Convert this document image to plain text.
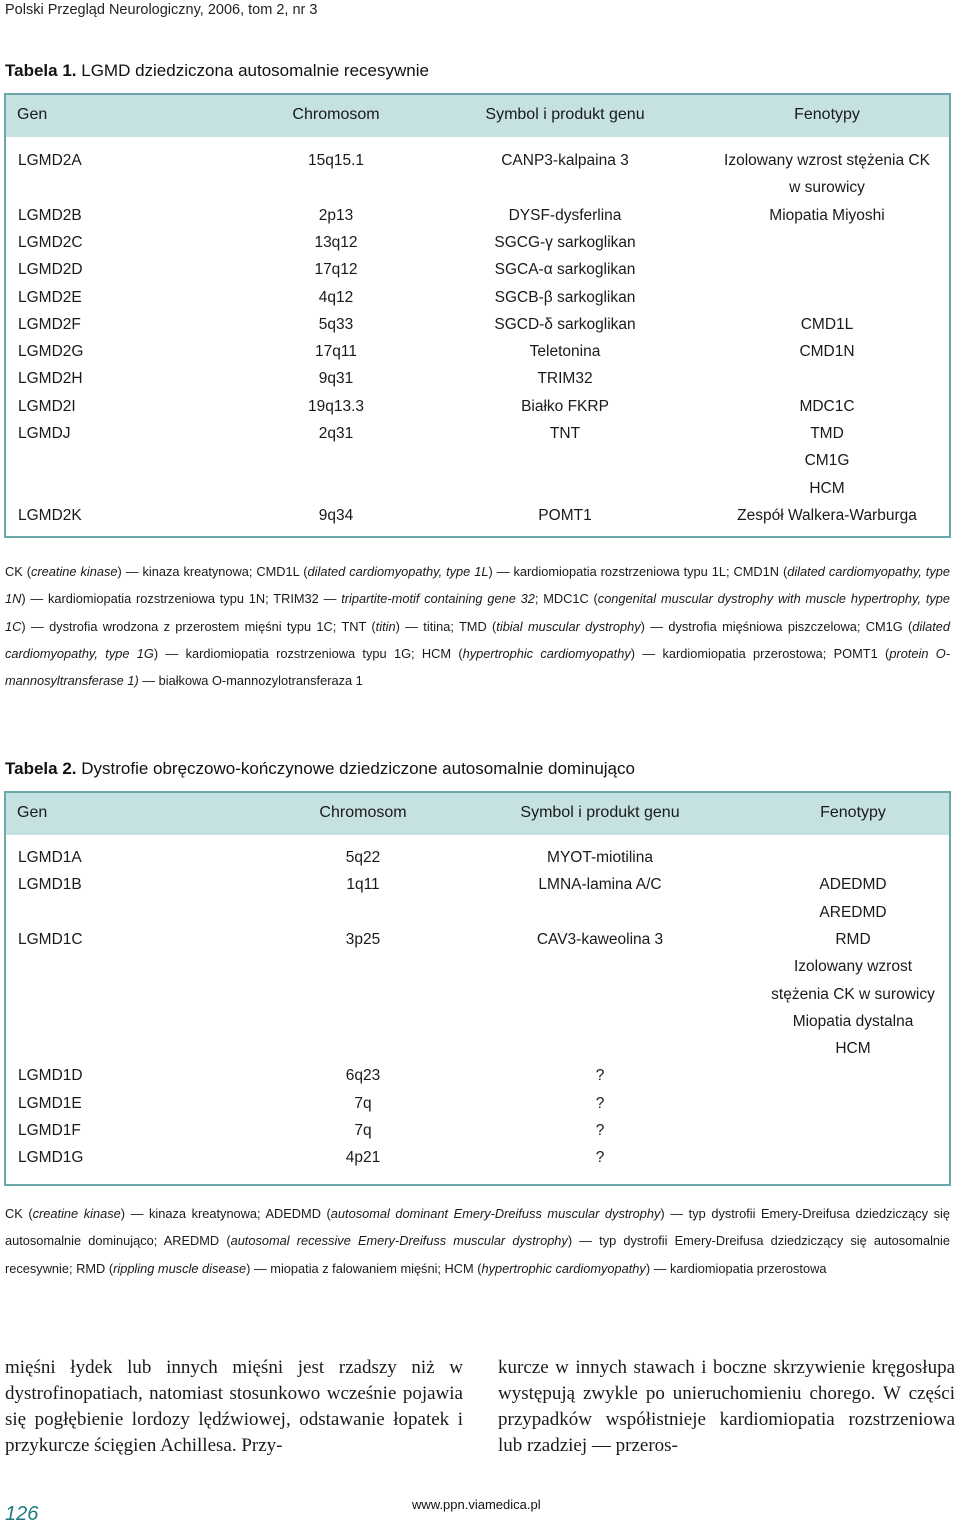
Polski Przegląd Neurologiczny, 2006, tom 2, nr 3
Tabela 1. LGMD dziedziczona autosomalnie recesywnie
Gen	Chromosom	Symbol i produkt genu	Fenotypy
LGMD2A	15q15.1	CANP3-kalpaina 3	Izolowany wzrost stężenia CK
w surowicy
LGMD2B	2p13	DYSF-dysferlina	Miopatia Miyoshi
LGMD2C	13q12	SGCG-γ sarkoglikan
LGMD2D	17q12	SGCA-α sarkoglikan
LGMD2E	4q12	SGCB-β sarkoglikan
LGMD2F	5q33	SGCD-δ sarkoglikan	CMD1L
LGMD2G	17q11	Teletonina	CMD1N
LGMD2H	9q31	TRIM32
LGMD2I	19q13.3	Białko FKRP	MDC1C
LGMDJ	2q31	TNT	TMD
CM1G
HCM
LGMD2K	9q34	POMT1	Zespół Walkera-Warburga
CK (creatine kinase) — kinaza kreatynowa; CMD1L (dilated cardiomyopathy, type 1L) — kardiomiopatia rozstrzeniowa typu 1L; CMD1N (dilated cardiomyopathy, type 1N) — kardiomiopatia rozstrzeniowa typu 1N; TRIM32 — tripartite-motif containing gene 32; MDC1C (congenital muscular dystrophy with muscle hypertrophy, type 1C) — dystrofia wrodzona z przerostem mięśni typu 1C; TNT (titin) — titina; TMD (tibial muscular dystrophy) — dystrofia mięśniowa piszczelowa; CM1G (dilated cardiomyopathy, type 1G) — kardiomiopatia rozstrzeniowa typu 1G; HCM (hypertrophic cardiomyopathy) — kardiomiopatia przerostowa; POMT1 (protein O-mannosyltransferase 1) — białkowa O-mannozylotransferaza 1
Tabela 2. Dystrofie obręczowo-kończynowe dziedziczone autosomalnie dominująco
Gen	Chromosom	Symbol i produkt genu	Fenotypy
LGMD1A	5q22	MYOT-miotilina
LGMD1B	1q11	LMNA-lamina A/C	ADEDMD
AREDMD
LGMD1C	3p25	CAV3-kaweolina 3	RMD
Izolowany wzrost
stężenia CK w surowicy
Miopatia dystalna
HCM
LGMD1D	6q23	?
LGMD1E	7q	?
LGMD1F	7q	?
LGMD1G	4p21	?
CK (creatine kinase) — kinaza kreatynowa; ADEDMD (autosomal dominant Emery-Dreifuss muscular dystrophy) — typ dystrofii Emery-Dreifusa dziedziczący się autosomalnie dominująco; AREDMD (autosomal recessive Emery-Dreifuss muscular dystrophy) — typ dystrofii Emery-Dreifusa dziedziczący się autosomalnie recesywnie; RMD (rippling muscle disease) — miopatia z falowaniem mięśni; HCM (hypertrophic cardiomyopathy) — kardiomiopatia przerostowa
mięśni łydek lub innych mięśni jest rzadszy niż w dystrofinopatiach, natomiast stosunkowo wcześnie pojawia się pogłębienie lordozy lędźwiowej, odstawanie łopatek i przykurcze ścięgien Achillesa. Przy-
kurcze w innych stawach i boczne skrzywienie kręgosłupa występują zwykle po unieruchomieniu chorego. W części przypadków współistnieje kardiomiopatia rozstrzeniowa lub rzadziej — przeros-
126	www.ppn.viamedica.pl
